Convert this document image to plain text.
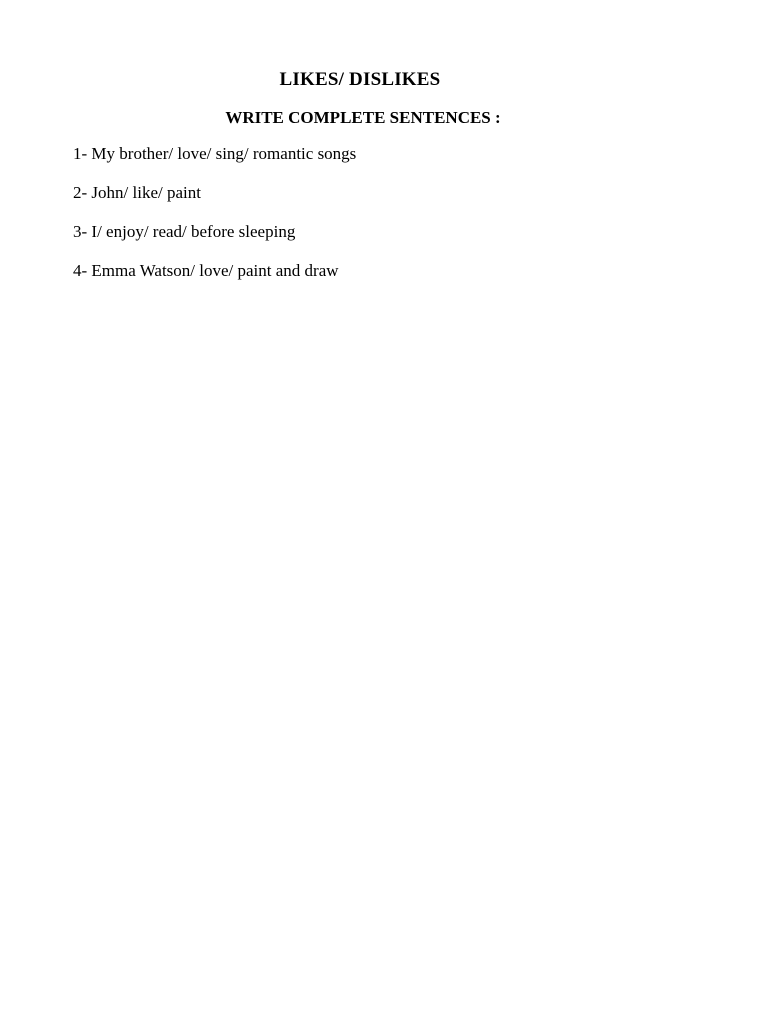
LIKES/ DISLIKES
WRITE COMPLETE SENTENCES :
1- My brother/ love/ sing/ romantic songs
2- John/ like/ paint
3- I/ enjoy/ read/ before sleeping
4- Emma Watson/ love/ paint and draw
